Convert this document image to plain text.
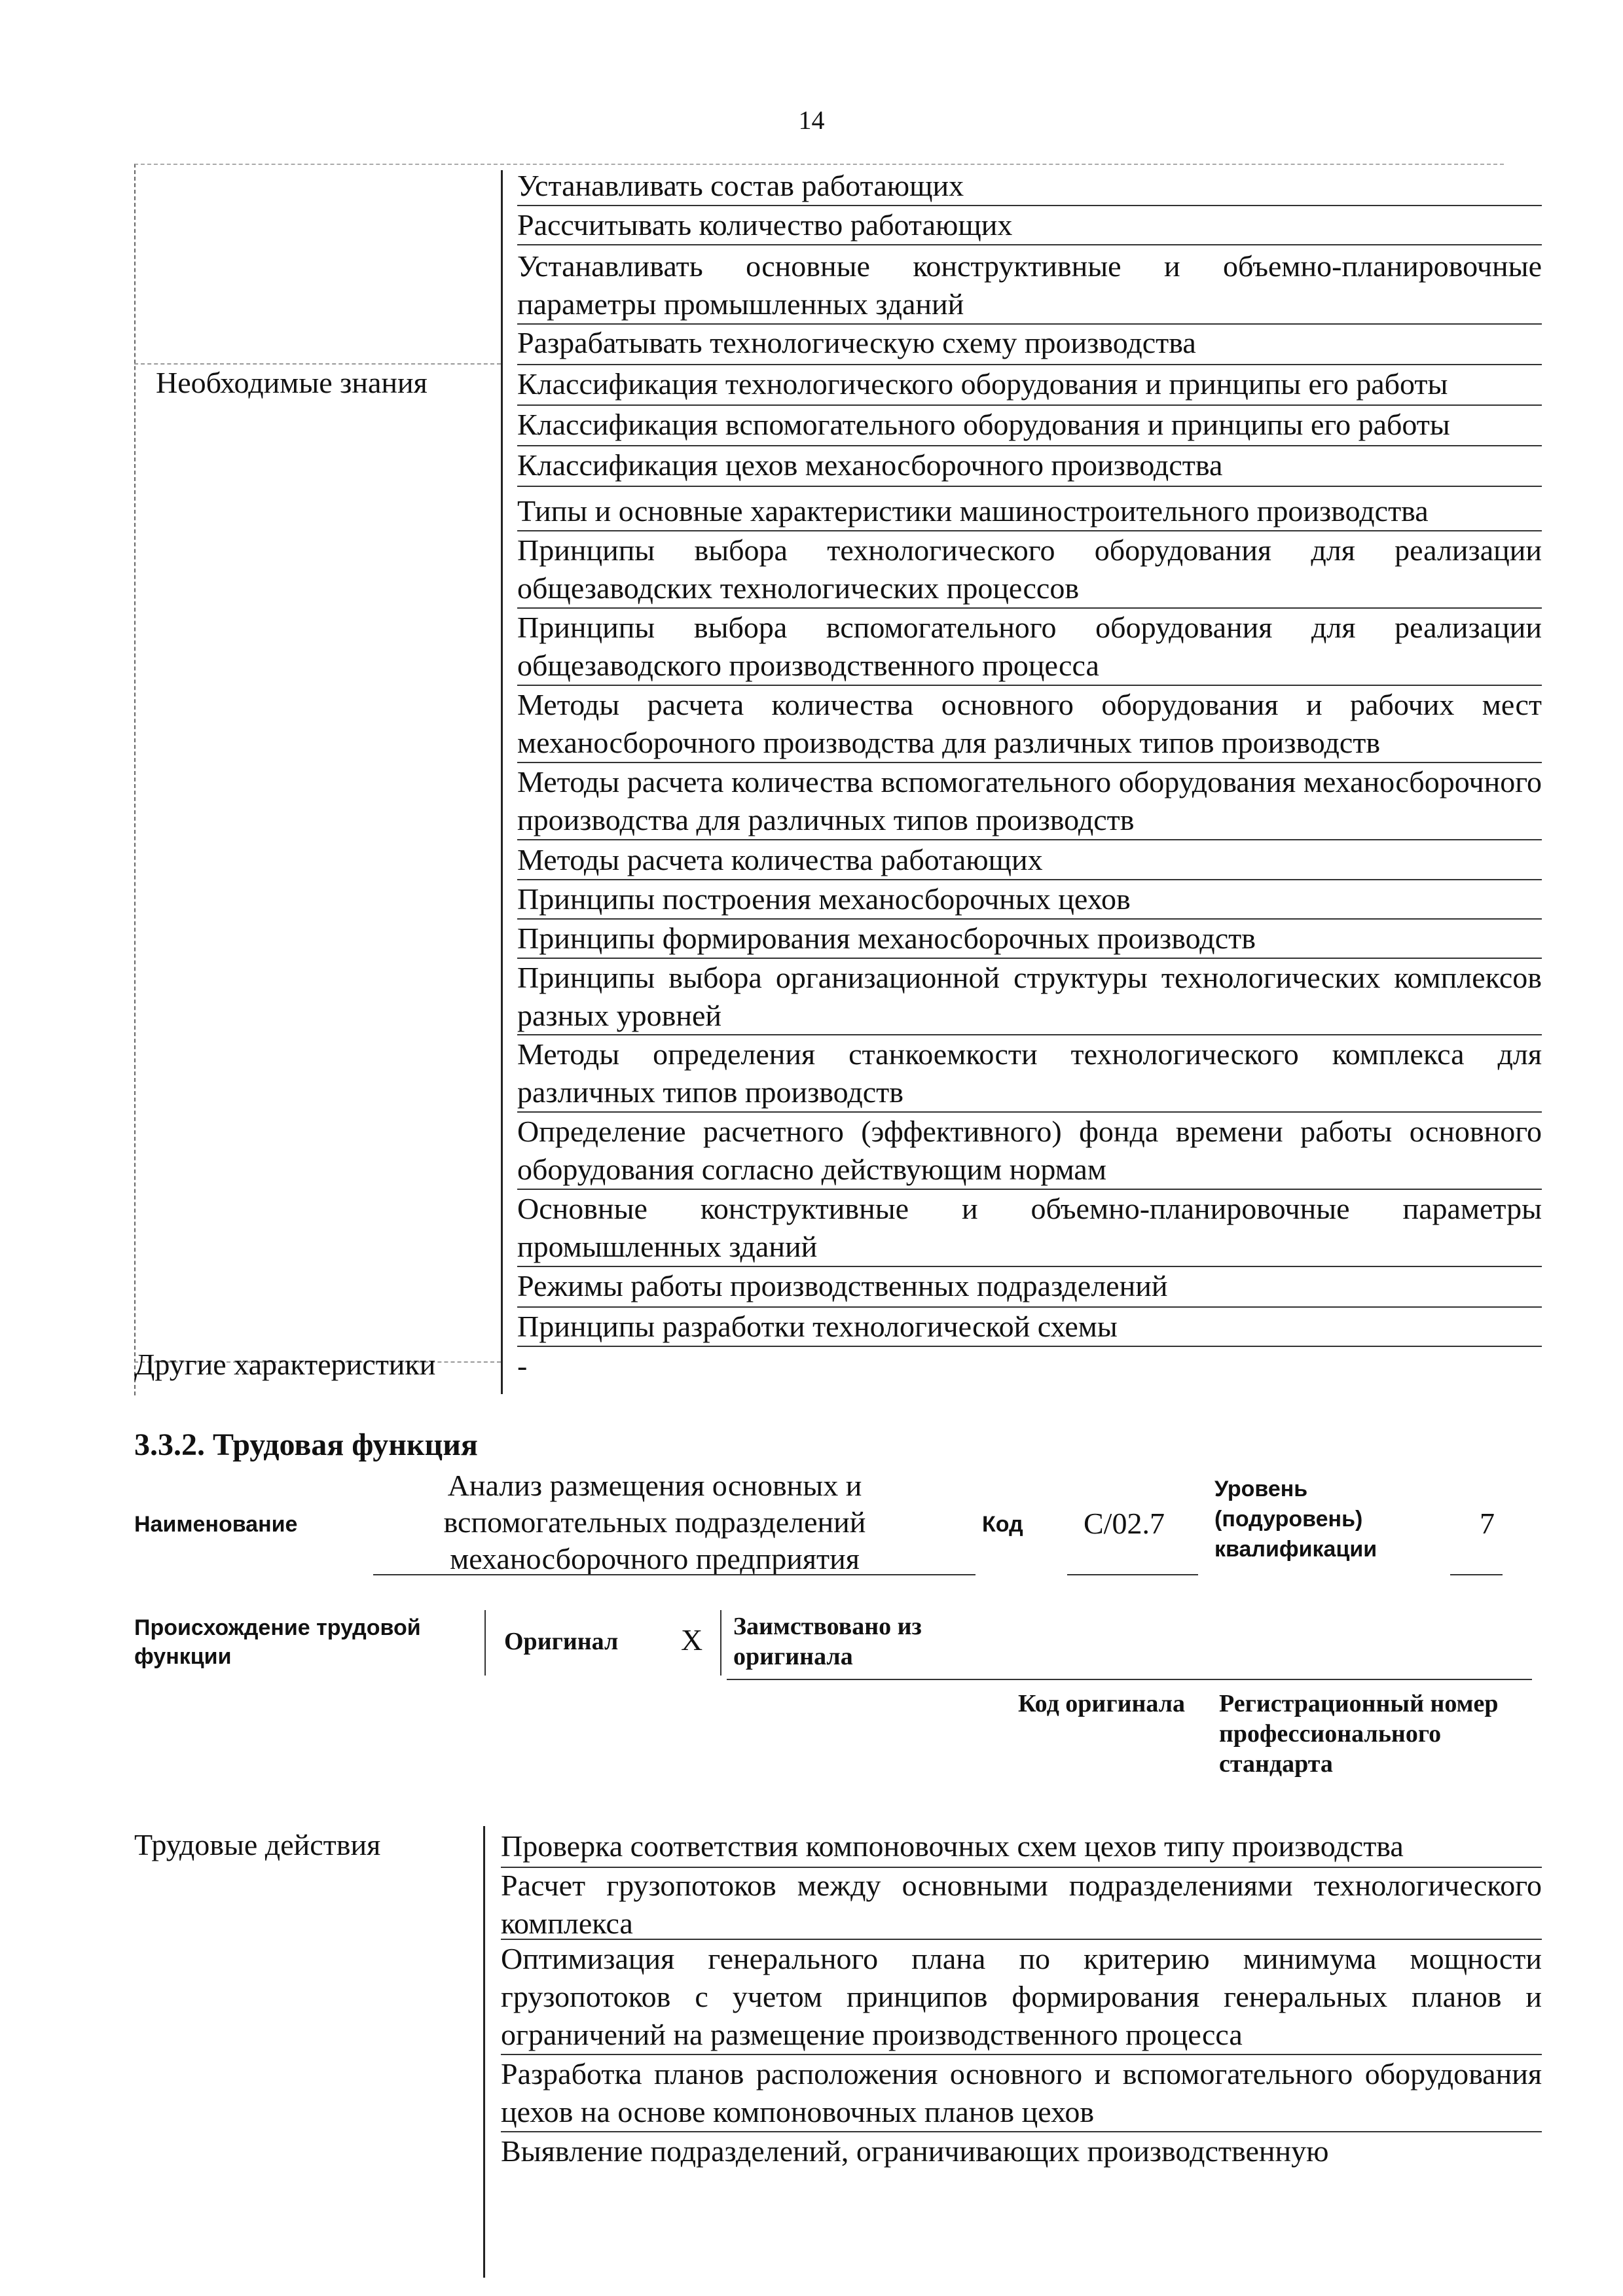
14
Устанавливать состав работающих
Рассчитывать количество работающих
Устанавливать основные конструктивные и объемно-планировочные параметры промышленных зданий
Разрабатывать технологическую схему производства
Необходимые знания	Классификация технологического оборудования и принципы его работы
Классификация вспомогательного оборудования и принципы его работы
Классификация цехов механосборочного производства
Типы и основные характеристики машиностроительного производства
Принципы выбора технологического оборудования для реализации общезаводских технологических процессов
Принципы выбора вспомогательного оборудования для реализации общезаводского производственного процесса
Методы расчета количества основного оборудования и рабочих мест механосборочного производства для различных типов производств
Методы расчета количества вспомогательного оборудования механосборочного производства для различных типов производств
Методы расчета количества работающих
Принципы построения механосборочных цехов
Принципы формирования механосборочных производств
Принципы выбора организационной структуры технологических комплексов разных уровней
Методы определения станкоемкости технологического комплекса для различных типов производств
Определение расчетного (эффективного) фонда времени работы основного оборудования согласно действующим нормам
Основные конструктивные и объемно-планировочные параметры промышленных зданий
Режимы работы производственных подразделений
Принципы разработки технологической схемы
Другие характеристики	-
3.3.2. Трудовая функция
Наименование
Анализ размещения основных и вспомогательных подразделений механосборочного предприятия
Код С/02.7
Уровень (подуровень) квалификации
7
Происхождение трудовой функции
Оригинал X Заимствовано из оригинала
Код оригинала Регистрационный номер профессионального стандарта
Трудовые действия	Проверка соответствия компоновочных схем цехов типу производства
Расчет грузопотоков между основными подразделениями технологического комплекса
Оптимизация генерального плана по критерию минимума мощности грузопотоков с учетом принципов формирования генеральных планов и ограничений на размещение производственного процесса
Разработка планов расположения основного и вспомогательного оборудования цехов на основе компоновочных планов цехов
Выявление подразделений, ограничивающих производственную
